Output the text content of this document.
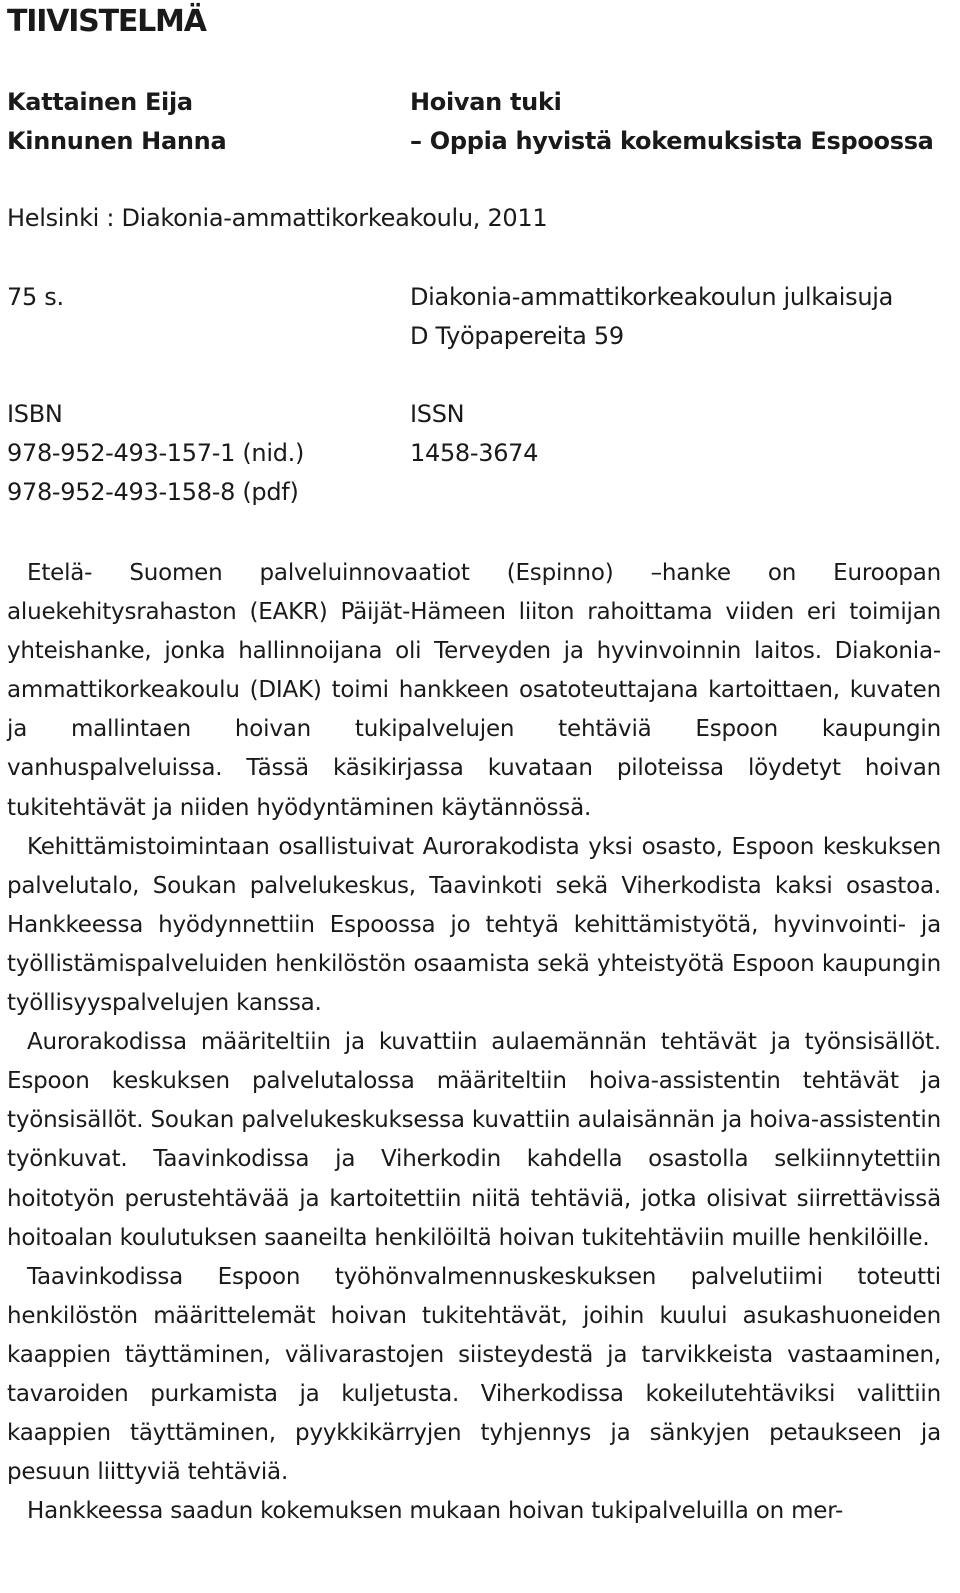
TIIVISTELMÄ
Kattainen Eija
Kinnunen Hanna
Hoivan tuki
– Oppia hyvistä kokemuksista Espoossa
Helsinki : Diakonia-ammattikorkeakoulu, 2011
75 s.	Diakonia-ammattikorkeakoulun julkaisuja
D Työpapereita 59
ISBN
978-952-493-157-1 (nid.)
978-952-493-158-8 (pdf)
ISSN
1458-3674

Etelä- Suomen palveluinnovaatiot (Espinno) –hanke on Euroopan aluekehitysrahaston (EAKR) Päijät-Hämeen liiton rahoittama viiden eri toimijan yhteishanke, jonka hallinnoijana oli Terveyden ja hyvinvoinnin laitos. Diakonia-ammattikorkeakoulu (DIAK) toimi hankkeen osatoteuttajana kartoittaen, kuvaten ja mallintaen hoivan tukipalvelujen tehtäviä Espoon kaupungin vanhuspalveluissa. Tässä käsikirjassa kuvataan piloteissa löydetyt hoivan tukitehtävät ja niiden hyödyntäminen käytännössä.

Kehittämistoimintaan osallistuivat Aurorakodista yksi osasto, Espoon keskuksen palvelutalo, Soukan palvelukeskus, Taavinkoti sekä Viherkodista kaksi osastoa. Hankkeessa hyödynnettiin Espoossa jo tehtyä kehittämistyötä, hyvinvointi- ja työllistämispalveluiden henkilöstön osaamista sekä yhteistyötä Espoon kaupungin työllisyyspalvelujen kanssa.

Aurorakodissa määriteltiin ja kuvattiin aulaemännän tehtävät ja työnsisällöt. Espoon keskuksen palvelutalossa määriteltiin hoiva-assistentin tehtävät ja työnsisällöt. Soukan palvelukeskuksessa kuvattiin aulaisännän ja hoiva-assistentin työnkuvat. Taavinkodissa ja Viherkodin kahdella osastolla selkiinnytettiin hoitotyön perustehtävää ja kartoitettiin niitä tehtäviä, jotka olisivat siirrettävissä hoitoalan koulutuksen saaneilta henkilöiltä hoivan tukitehtäviin muille henkilöille.

Taavinkodissa Espoon työhönvalmennuskeskuksen palvelutiimi toteutti henkilöstön määrittelemät hoivan tukitehtävät, joihin kuului asukashuoneiden kaappien täyttäminen, välivarastojen siisteydestä ja tarvikkeista vastaaminen, tavaroiden purkamista ja kuljetusta. Viherkodissa kokeilutehtäviksi valittiin kaappien täyttäminen, pyykkikärryjen tyhjennys ja sänkyjen petaukseen ja pesuun liittyviä tehtäviä.

Hankkeessa saadun kokemuksen mukaan hoivan tukipalveluilla on mer-
